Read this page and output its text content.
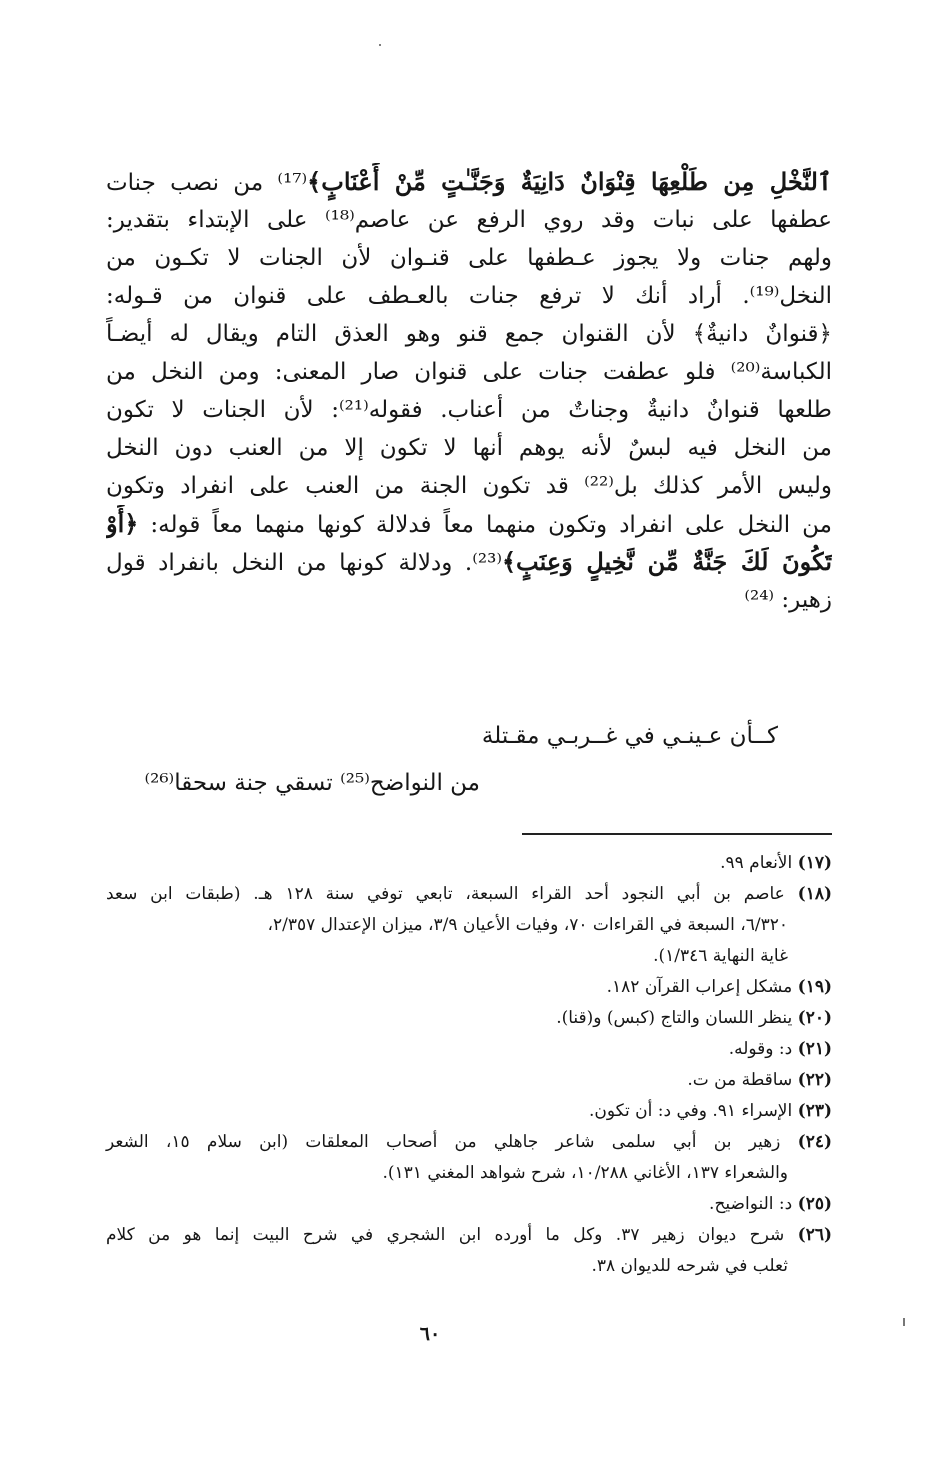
ٱلنَّخْلِ مِن طَلْعِهَا قِنْوَانٌ دَانِيَةٌ وَجَنَّـٰتٍ مِّنْ أَعْنَابٍ﴾⁽¹⁷⁾ من نصب جنات
عطفها على نبات وقد روي الرفع عن عاصم⁽¹⁸⁾ على الإبتداء بتقدير:
ولهم جنات ولا يجوز عـطفها على قنـوان لأن الجنات لا تكـون من
النخل⁽¹⁹⁾. أراد أنك لا ترفع جنات بالعـطف على قنوان من قـوله:
﴿قنوانٌ دانيةٌ﴾ لأن القنوان جمع قنو وهو العذق التام ويقال له أيضـاً
الكباسة⁽²⁰⁾ فلو عطفت جنات على قنوان صار المعنى: ومن النخل من
طلعها قنوانٌ دانيةٌ وجناتٌ من أعناب. فقوله⁽²¹⁾: لأن الجنات لا تكون
من النخل فيه لبسٌ لأنه يوهم أنها لا تكون إلا من العنب دون النخل
وليس الأمر كذلك بل⁽²²⁾ قد تكون الجنة من العنب على انفراد وتكون
من النخل على انفراد وتكون منهما معاً فدلالة كونها منهما معاً قوله: ﴿أَوْ
تَكُونَ لَكَ جَنَّةٌ مِّن نَّخِيلٍ وَعِنَبٍ﴾⁽²³⁾. ودلالة كونها من النخل بانفراد قول
زهير: ⁽²⁴⁾
كــأن عـينـي في غــربـي مقـتلة
من النواضح⁽²⁵⁾ تسقي جنة سحقا⁽²⁶⁾
(١٧) الأنعام ٩٩.
(١٨) عاصم بن أبي النجود أحد القراء السبعة، تابعي توفي سنة ١٢٨ هـ. (طبقات ابن سعد
٦/٣٢٠، السبعة في القراءات ٧٠، وفيات الأعيان ٣/٩، ميزان الإعتدال ٢/٣٥٧،
غاية النهاية ١/٣٤٦).
(١٩) مشكل إعراب القرآن ١٨٢.
(٢٠) ينظر اللسان والتاج (كبس) و(قنا).
(٢١) د: وقوله.
(٢٢) ساقطة من ت.
(٢٣) الإسراء ٩١. وفي د: أن تكون.
(٢٤) زهير بن أبي سلمى شاعر جاهلي من أصحاب المعلقات (ابن سلام ١٥، الشعر
والشعراء ١٣٧، الأغاني ١٠/٢٨٨، شرح شواهد المغني ١٣١).
(٢٥) د: النواضيح.
(٢٦) شرح ديوان زهير ٣٧. وكل ما أورده ابن الشجري في شرح البيت إنما هو من كلام
ثعلب في شرحه للديوان ٣٨.
٦٠
